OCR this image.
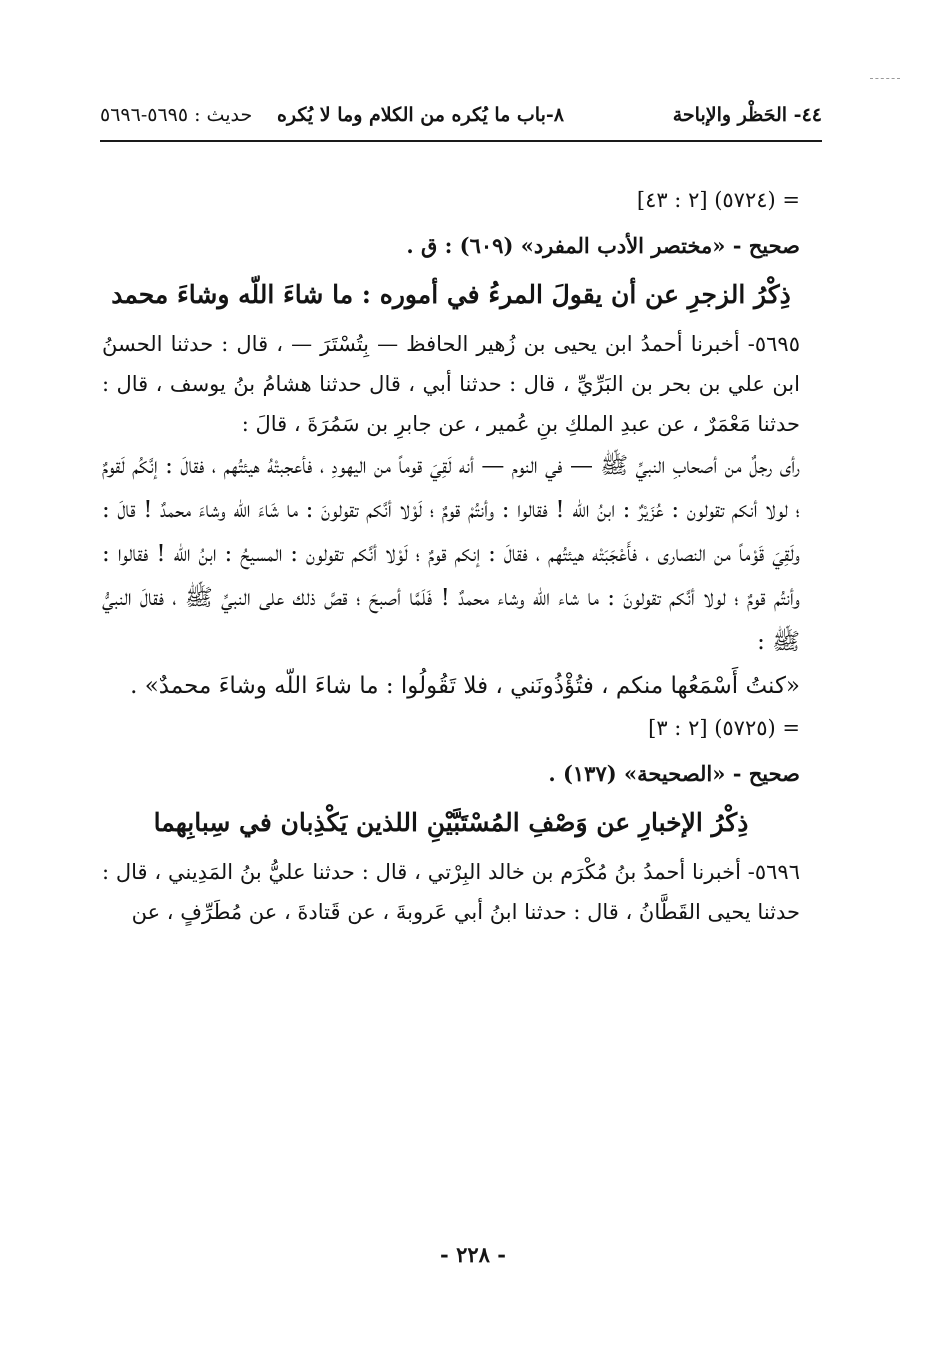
٤٤- الحَظْر والإباحة
٨-باب ما يُكره من الكلام وما لا يُكره
حديث : ٥٦٩٥-٥٦٩٦

= (٥٧٢٤) [٢ : ٤٣]

صحيح - «مختصر الأدب المفرد» (٦٠٩) : ق .

ذِكْرُ الزجرِ عن أن يقولَ المرءُ في أموره : ما شاءَ اللّه وشاءَ محمد

٥٦٩٥- أخبرنا أحمدُ ابن يحيى بن زُهير الحافظ — بِتُسْتَرَ — ، قال : حدثنا الحسنُ ابن علي بن بحر بن البَرِّيِّ ، قال : حدثنا أبي ، قال حدثنا هشامُ بنُ يوسف ، قال : حدثنا مَعْمَرٌ ، عن عبدِ الملكِ بنِ عُمير ، عن جابرِ بن سَمُرَةَ ، قالَ :

رأى رجلٌ من أصحابِ النبيِّ ﷺ — في النوم — أنه لَقِيَ قوماً من اليهودِ ، فأعجبتْهُ هيئتُهم ، فقالَ : إنَّكُم لَقومٌ ؛ لولا أنكم تقولون : عُزَيْرٌ : ابنُ اللّه ! فقالوا : وأنتُمْ قومٌ ؛ لَوْلا أنَّكم تقولونَ : ما شَاءَ اللّه وشاءَ محمدٌ ! قالَ : ولَقِيَ قَوْماً من النصارى ، فأَعْجَبَتْه هيئتُهم ، فقالَ : إنكم قومٌ ؛ لَوْلا أنَّكم تقولون : المسيحُ : ابنُ اللّه ! فقالوا : وأنتُم قومٌ ؛ لولا أنَّكم تقولونَ : ما شاء اللّه وشاء محمدٌ ! فَلَمَّا أصبحَ ؛ قصَّ ذلك على النبيِّ ﷺ ، فقالَ النبيُّ ﷺ :

«كنتُ أَسْمَعُها منكم ، فتُؤْذُونَني ، فلا تَقُولُوا : ما شاءَ اللّه وشاءَ محمدٌ» .

= (٥٧٢٥) [٢ : ٣]

صحيح - «الصحيحة» (١٣٧) .

ذِكْرُ الإخبارِ عن وَصْفِ المُسْتَبَّيْنِ اللذين يَكْذِبان في سِبابِهما

٥٦٩٦- أخبرنا أحمدُ بنُ مُكْرَم بن خالد البِرْتي ، قال : حدثنا عليُّ بنُ المَدِيني ، قال : حدثنا يحيى القَطَّانُ ، قال : حدثنا ابنُ أبي عَروبةَ ، عن قَتادةَ ، عن مُطَرِّفٍ ، عن

- ٢٢٨ -
